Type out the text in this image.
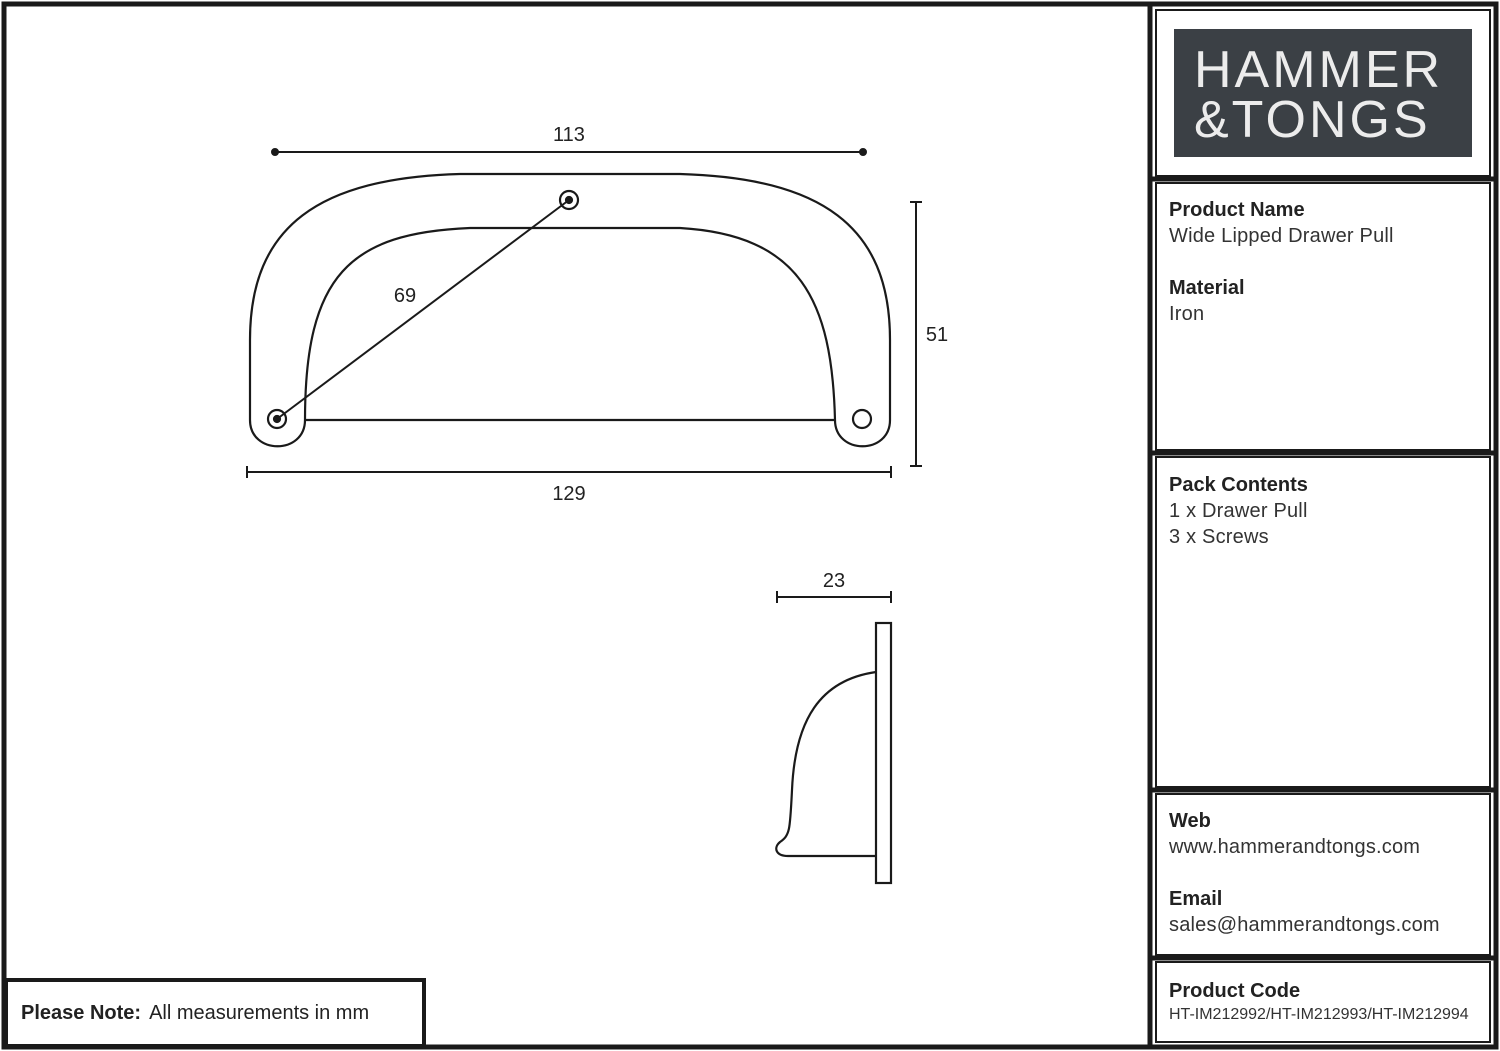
113
69
51
129
23
HAMMER
&TONGS

Product Name

Wide Lipped Drawer Pull

Material

Iron

Pack Contents

1 x Drawer Pull

3 x Screws

Web

www.hammerandtongs.com

Email

sales@hammerandtongs.com

Product Code

HT-IM212992/HT-IM212993/HT-IM212994

Please Note: All measurements in mm
